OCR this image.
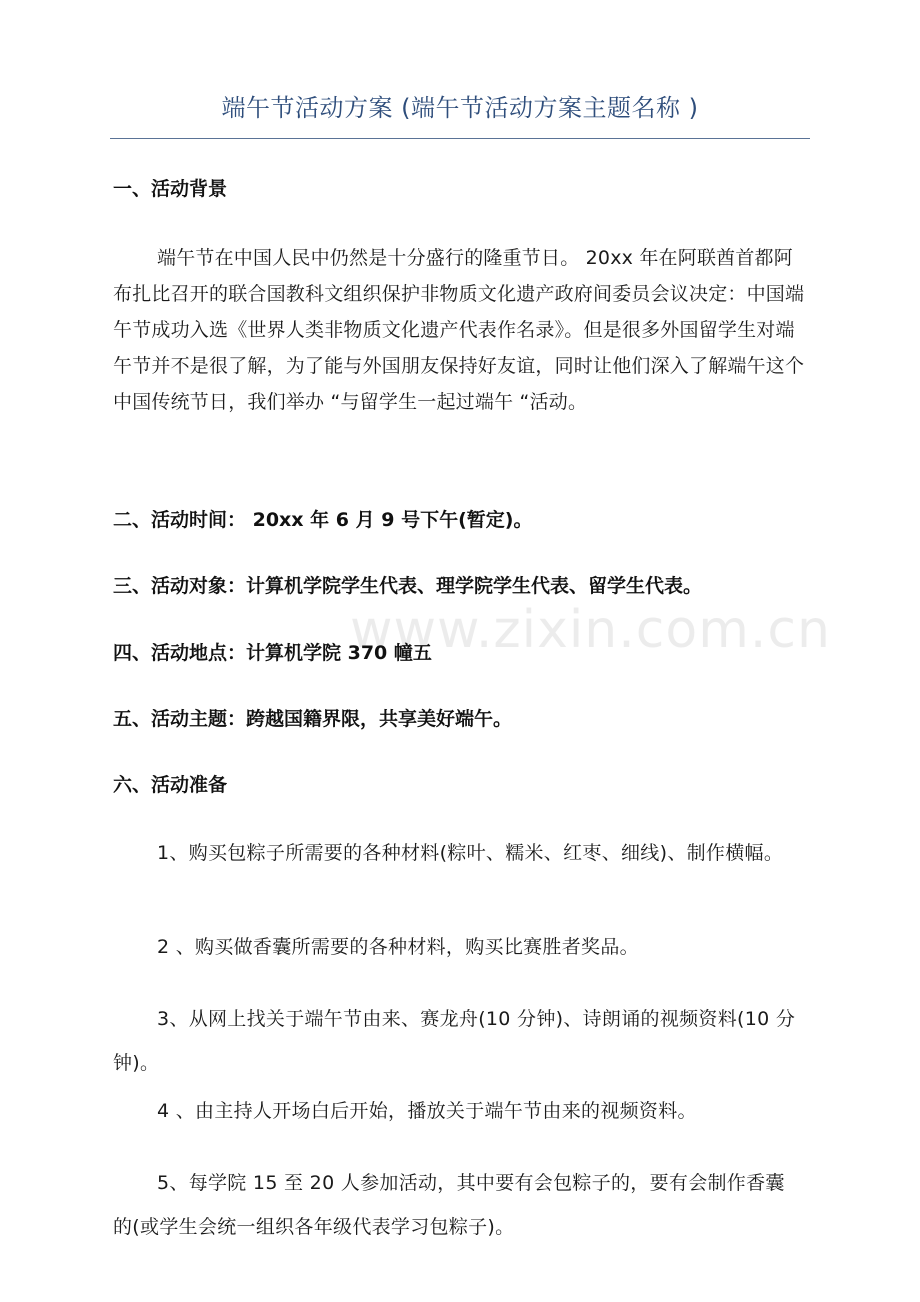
www.zixin.com.cn
端午节活动方案 (端午节活动方案主题名称 )
一、活动背景
端午节在中国人民中仍然是十分盛行的隆重节日。 20xx 年在阿联酋首都阿布扎比召开的联合国教科文组织保护非物质文化遗产政府间委员会议决定：中国端午节成功入选《世界人类非物质文化遗产代表作名录》。但是很多外国留学生对端午节并不是很了解，为了能与外国朋友保持好友谊，同时让他们深入了解端午这个中国传统节日，我们举办 “与留学生一起过端午 “活动。
二、活动时间： 20xx 年 6 月 9 号下午(暂定)。
三、活动对象：计算机学院学生代表、理学院学生代表、留学生代表。
四、活动地点：计算机学院 370 幢五
五、活动主题：跨越国籍界限，共享美好端午。
六、活动准备
1、购买包粽子所需要的各种材料(粽叶、糯米、红枣、细线)、制作横幅。
2 、购买做香囊所需要的各种材料，购买比赛胜者奖品。
3、从网上找关于端午节由来、赛龙舟(10 分钟)、诗朗诵的视频资料(10 分钟)。
4 、由主持人开场白后开始，播放关于端午节由来的视频资料。
5、每学院 15 至 20 人参加活动，其中要有会包粽子的，要有会制作香囊的(或学生会统一组织各年级代表学习包粽子)。
